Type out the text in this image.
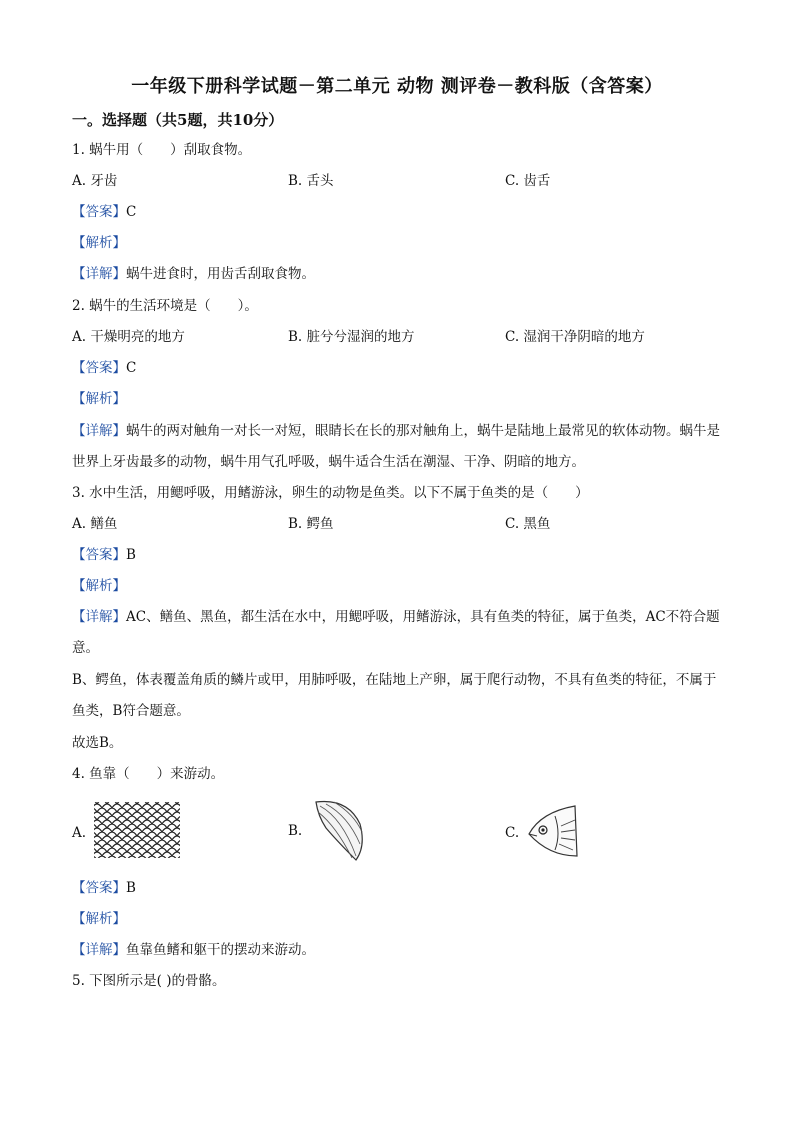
一年级下册科学试题－第二单元 动物 测评卷－教科版（含答案）
一。选择题（共5题，共10分）
1. 蜗牛用（　　）刮取食物。
A. 牙齿	B. 舌头	C. 齿舌
【答案】C
【解析】
【详解】蜗牛进食时，用齿舌刮取食物。
2. 蜗牛的生活环境是（　　）。
A. 干燥明亮的地方	B. 脏兮兮湿润的地方	C. 湿润干净阴暗的地方
【答案】C
【解析】
【详解】蜗牛的两对触角一对长一对短，眼睛长在长的那对触角上，蜗牛是陆地上最常见的软体动物。蜗牛是世界上牙齿最多的动物，蜗牛用气孔呼吸，蜗牛适合生活在潮湿、干净、阴暗的地方。
3. 水中生活，用鳃呼吸，用鳍游泳，卵生的动物是鱼类。以下不属于鱼类的是（　　）
A. 鳝鱼	B. 鳄鱼	C. 黑鱼
【答案】B
【解析】
【详解】AC、鳝鱼、黑鱼，都生活在水中，用鳃呼吸，用鳍游泳，具有鱼类的特征，属于鱼类，AC不符合题意。
B、鳄鱼，体表覆盖角质的鳞片或甲，用肺呼吸，在陆地上产卵，属于爬行动物，不具有鱼类的特征，不属于鱼类，B符合题意。
故选B。
4. 鱼靠（　　）来游动。
A.	B.	C.
【答案】B
【解析】
【详解】鱼靠鱼鳍和躯干的摆动来游动。
5. 下图所示是( )的骨骼。
